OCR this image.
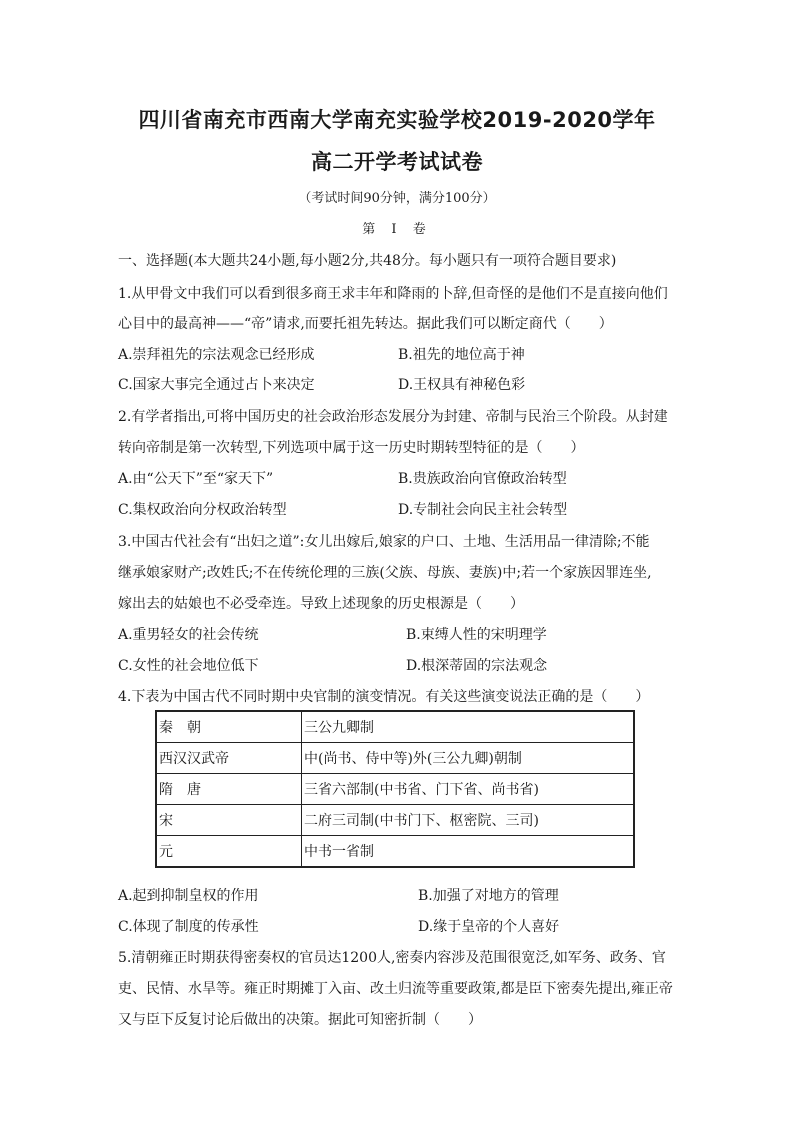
四川省南充市西南大学南充实验学校2019-2020学年
高二开学考试试卷
（考试时间90分钟，满分100分）
第 Ⅰ 卷
一、选择题(本大题共24小题,每小题2分,共48分。每小题只有一项符合题目要求)
1.从甲骨文中我们可以看到很多商王求丰年和降雨的卜辞,但奇怪的是他们不是直接向他们
心目中的最高神——“帝”请求,而要托祖先转达。据此我们可以断定商代（　　）
A.崇拜祖先的宗法观念已经形成	B.祖先的地位高于神
C.国家大事完全通过占卜来决定	D.王权具有神秘色彩
2.有学者指出,可将中国历史的社会政治形态发展分为封建、帝制与民治三个阶段。从封建
转向帝制是第一次转型,下列选项中属于这一历史时期转型特征的是（　　）
A.由“公天下”至“家天下”	B.贵族政治向官僚政治转型
C.集权政治向分权政治转型	D.专制社会向民主社会转型
3.中国古代社会有“出妇之道”:女儿出嫁后,娘家的户口、土地、生活用品一律清除;不能
继承娘家财产;改姓氏;不在传统伦理的三族(父族、母族、妻族)中;若一个家族因罪连坐,
嫁出去的姑娘也不必受牵连。导致上述现象的历史根源是（　　）
A.重男轻女的社会传统	B.束缚人性的宋明理学
C.女性的社会地位低下	D.根深蒂固的宗法观念
4.下表为中国古代不同时期中央官制的演变情况。有关这些演变说法正确的是（　　）
秦　朝	三公九卿制
西汉汉武帝	中(尚书、侍中等)外(三公九卿)朝制
隋　唐	三省六部制(中书省、门下省、尚书省)
宋	二府三司制(中书门下、枢密院、三司)
元	中书一省制
A.起到抑制皇权的作用	B.加强了对地方的管理
C.体现了制度的传承性	D.缘于皇帝的个人喜好
5.清朝雍正时期获得密奏权的官员达1200人,密奏内容涉及范围很宽泛,如军务、政务、官
吏、民情、水旱等。雍正时期摊丁入亩、改土归流等重要政策,都是臣下密奏先提出,雍正帝
又与臣下反复讨论后做出的决策。据此可知密折制（　　）
